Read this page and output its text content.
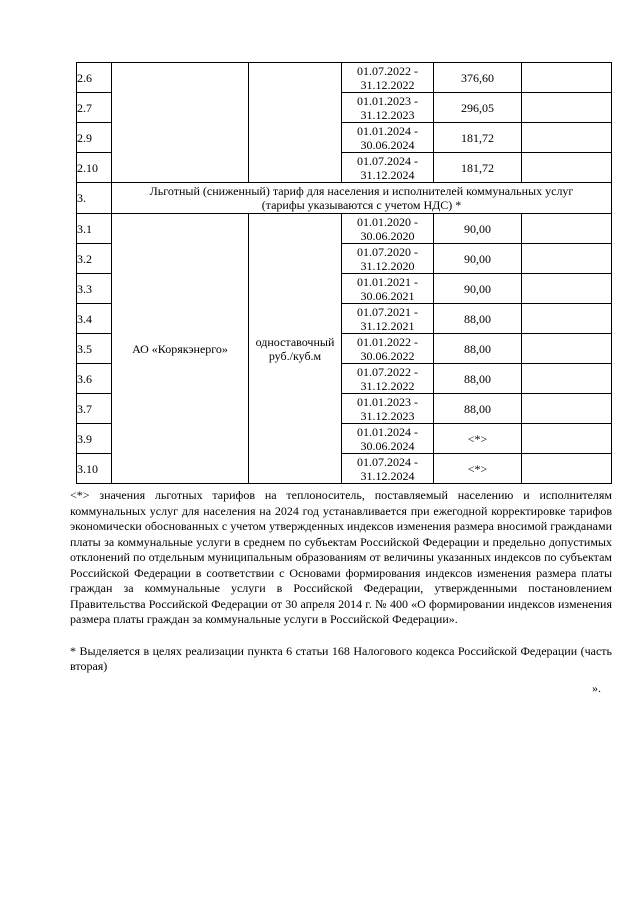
2.6			01.07.2022 -
31.12.2022	376,60	
2.7			01.01.2023 -
31.12.2023	296,05	
2.9			01.01.2024 -
30.06.2024	181,72	
2.10			01.07.2024 -
31.12.2024	181,72	
3.	Льготный (сниженный) тариф для населения и исполнителей коммунальных услуг
(тарифы указываются с учетом НДС) *				

3.1	АО «Корякэнерго»	одноставочный руб./куб.м	01.01.2020 -
30.06.2020	90,00	
3.2			01.07.2020 -
31.12.2020	90,00	
3.3			01.01.2021 -
30.06.2021	90,00	
3.4			01.07.2021 -
31.12.2021	88,00	
3.5			01.01.2022 -
30.06.2022	88,00	
3.6			01.07.2022 -
31.12.2022	88,00	
3.7			01.01.2023 -
31.12.2023	88,00	
3.9			01.01.2024 -
30.06.2024	<*>	
3.10			01.07.2024 -
31.12.2024	<*>	

<*> значения льготных тарифов на теплоноситель, поставляемый населению и исполнителям коммунальных услуг для населения на 2024 год устанавливается при ежегодной корректировке тарифов экономически обоснованных с учетом утвержденных индексов изменения размера вносимой гражданами платы за коммунальные услуги в среднем по субъектам Российской Федерации и предельно допустимых отклонений по отдельным муниципальным образованиям от величины указанных индексов по субъектам Российской Федерации в соответствии с Основами формирования индексов изменения размера платы граждан за коммунальные услуги в Российской Федерации, утвержденными постановлением Правительства Российской Федерации от 30 апреля 2014 г. № 400 «О формировании индексов изменения размера платы граждан за коммунальные услуги в Российской Федерации».

* Выделяется в целях реализации пункта 6 статьи 168 Налогового кодекса Российской Федерации (часть вторая)

».
